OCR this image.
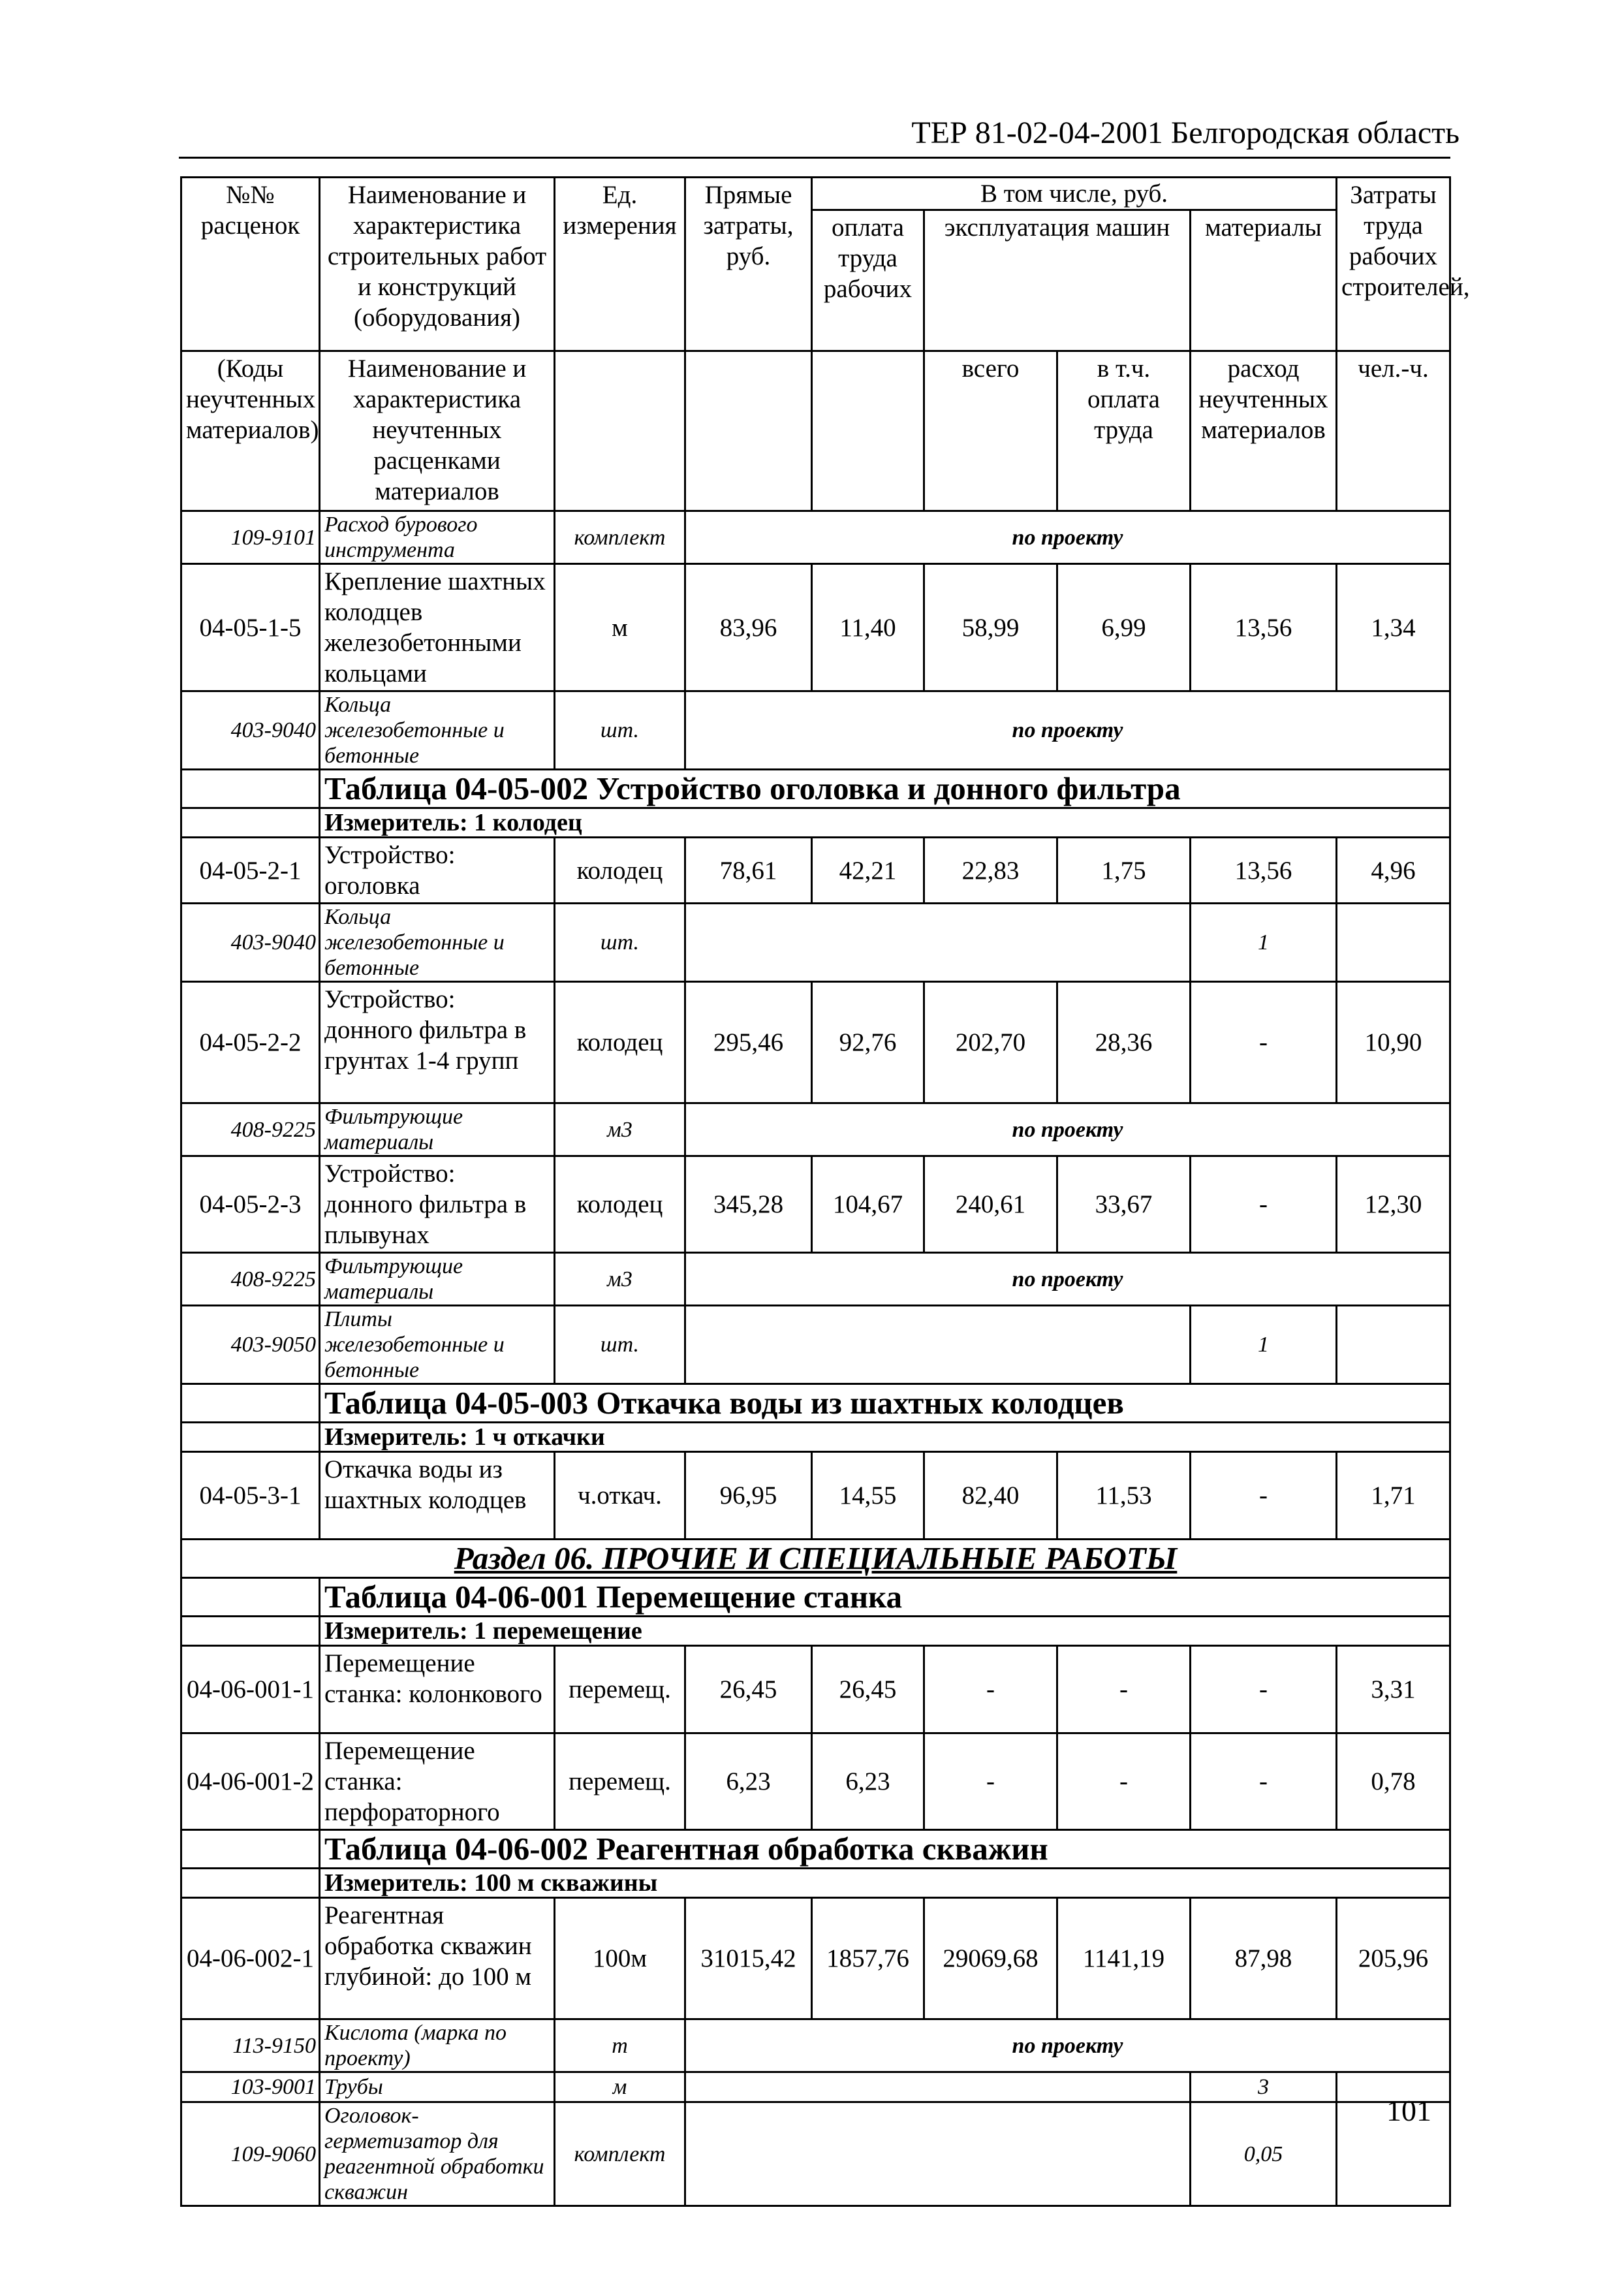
ТЕР 81-02-04-2001 Белгородская область
№№ расценок	Наименование и характеристика строительных работ и конструкций (оборудования)	Ед. измерения	Прямые затраты, руб.	В том числе, руб.				Затраты труда рабочих строителей,
				оплата труда рабочих	эксплуатация машин		материалы	
(Коды неучтенных материалов)	Наименование и характеристика неучтенных расценками материалов				всего	в т.ч. оплата труда	расход неучтенных материалов	чел.-ч.
109-9101	Расход бурового инструмента	комплект	по проекту					
04-05-1-5	Крепление шахтных колодцев железобетонными кольцами	м	83,96	11,40	58,99	6,99	13,56	1,34
403-9040	Кольца железобетонные и бетонные	шт.	по проекту					
	Таблица 04-05-002 Устройство оголовка и донного фильтра							
	Измеритель: 1 колодец							
04-05-2-1	Устройство: оголовка	колодец	78,61	42,21	22,83	1,75	13,56	4,96
403-9040	Кольца железобетонные и бетонные	шт.					1	
04-05-2-2	Устройство: донного фильтра в грунтах 1-4 групп	колодец	295,46	92,76	202,70	28,36	-	10,90
408-9225	Фильтрующие материалы	м3	по проекту					
04-05-2-3	Устройство: донного фильтра в плывунах	колодец	345,28	104,67	240,61	33,67	-	12,30
408-9225	Фильтрующие материалы	м3	по проекту					
403-9050	Плиты железобетонные и бетонные	шт.					1	
	Таблица 04-05-003 Откачка воды из шахтных колодцев							
	Измеритель: 1 ч откачки							
04-05-3-1	Откачка воды из шахтных колодцев	ч.откач.	96,95	14,55	82,40	11,53	-	1,71
Раздел 06. ПРОЧИЕ И СПЕЦИАЛЬНЫЕ РАБОТЫ								
	Таблица 04-06-001 Перемещение станка							
	Измеритель: 1 перемещение							
04-06-001-1	Перемещение станка: колонкового	перемещ.	26,45	26,45	-	-	-	3,31
04-06-001-2	Перемещение станка: перфораторного	перемещ.	6,23	6,23	-	-	-	0,78
	Таблица 04-06-002 Реагентная обработка скважин							
	Измеритель: 100 м скважины							
04-06-002-1	Реагентная обработка скважин глубиной: до 100 м	100м	31015,42	1857,76	29069,68	1141,19	87,98	205,96
113-9150	Кислота (марка по проекту)	т	по проекту					
103-9001	Трубы	м					3	
109-9060	Оголовок-герметизатор для реагентной обработки скважин	комплект					0,05	
101
